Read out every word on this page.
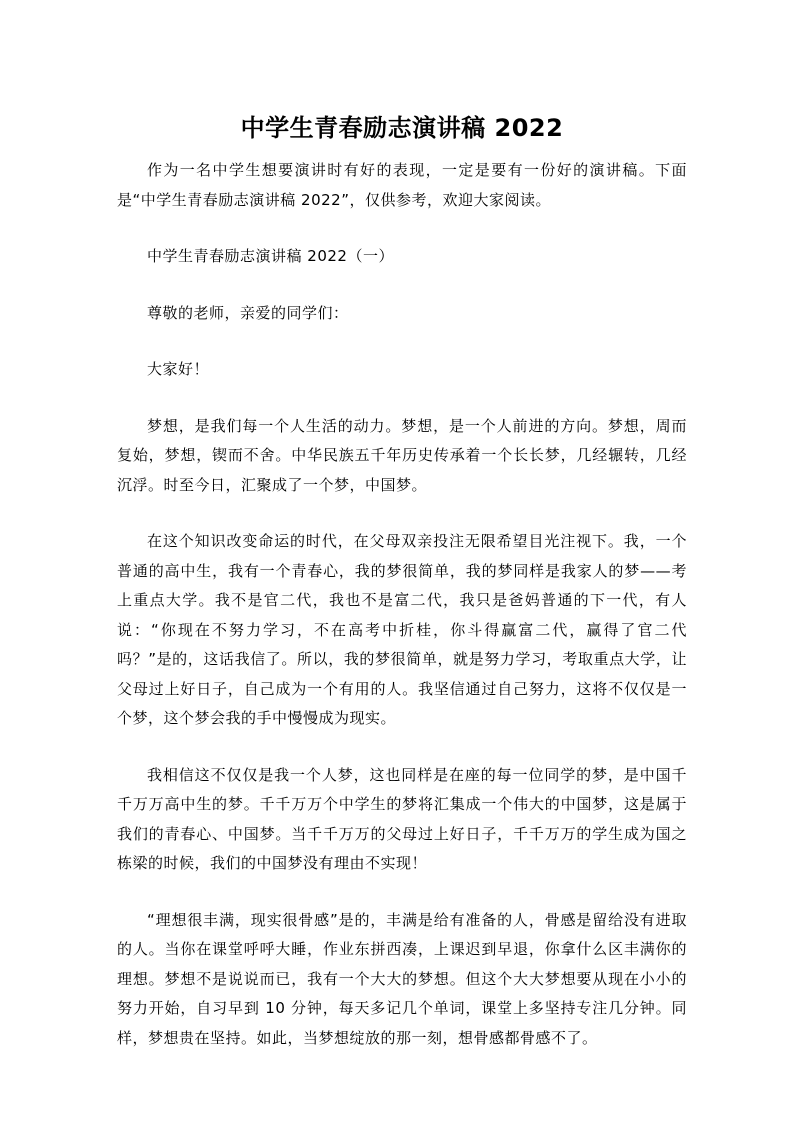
中学生青春励志演讲稿 2022

作为一名中学生想要演讲时有好的表现，一定是要有一份好的演讲稿。下面是“中学生青春励志演讲稿 2022”，仅供参考，欢迎大家阅读。

中学生青春励志演讲稿 2022（一）

尊敬的老师，亲爱的同学们：

大家好！

梦想，是我们每一个人生活的动力。梦想，是一个人前进的方向。梦想，周而复始，梦想，锲而不舍。中华民族五千年历史传承着一个长长梦，几经辗转，几经沉浮。时至今日，汇聚成了一个梦，中国梦。

在这个知识改变命运的时代，在父母双亲投注无限希望目光注视下。我，一个普通的高中生，我有一个青春心，我的梦很简单，我的梦同样是我家人的梦——考上重点大学。我不是官二代，我也不是富二代，我只是爸妈普通的下一代，有人说：“你现在不努力学习，不在高考中折桂，你斗得赢富二代，赢得了官二代吗？”是的，这话我信了。所以，我的梦很简单，就是努力学习，考取重点大学，让父母过上好日子，自己成为一个有用的人。我坚信通过自己努力，这将不仅仅是一个梦，这个梦会我的手中慢慢成为现实。

我相信这不仅仅是我一个人梦，这也同样是在座的每一位同学的梦，是中国千千万万高中生的梦。千千万万个中学生的梦将汇集成一个伟大的中国梦，这是属于我们的青春心、中国梦。当千千万万的父母过上好日子，千千万万的学生成为国之栋梁的时候，我们的中国梦没有理由不实现！

“理想很丰满，现实很骨感”是的，丰满是给有准备的人，骨感是留给没有进取的人。当你在课堂呼呼大睡，作业东拼西凑，上课迟到早退，你拿什么区丰满你的理想。梦想不是说说而已，我有一个大大的梦想。但这个大大梦想要从现在小小的努力开始，自习早到 10 分钟，每天多记几个单词，课堂上多坚持专注几分钟。同样，梦想贵在坚持。如此，当梦想绽放的那一刻，想骨感都骨感不了。
